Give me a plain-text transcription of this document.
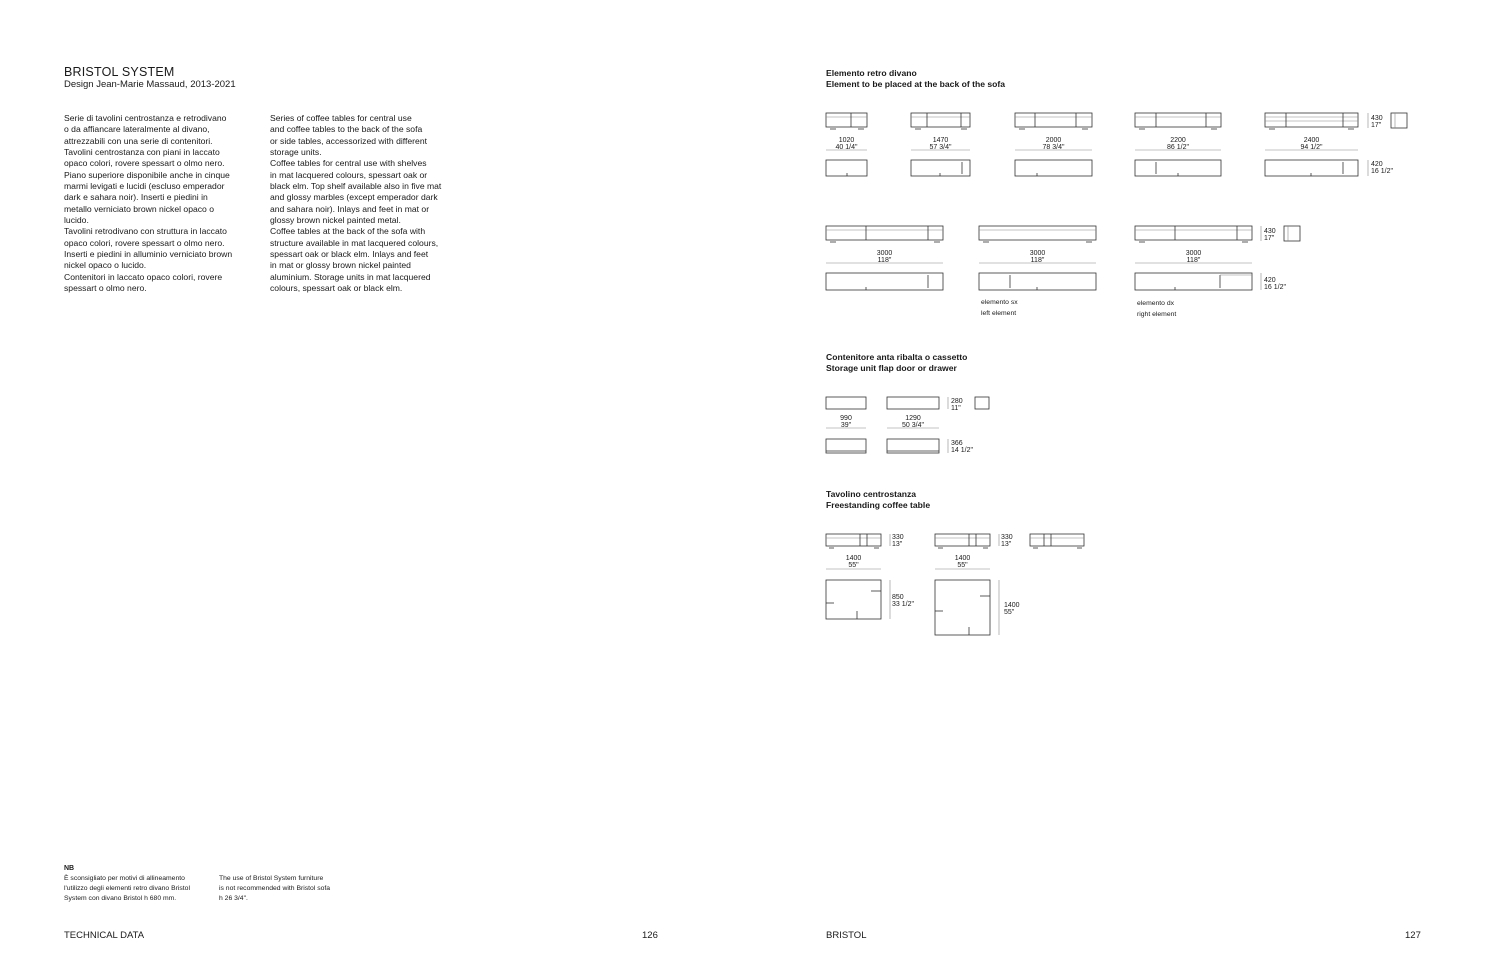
BRISTOL SYSTEM
Design Jean-Marie Massaud, 2013-2021
Serie di tavolini centrostanza e retrodivano
o da affiancare lateralmente al divano,
attrezzabili con una serie di contenitori.
Tavolini centrostanza con piani in laccato
opaco colori, rovere spessart o olmo nero.
Piano superiore disponibile anche in cinque
marmi levigati e lucidi (escluso emperador
dark e sahara noir). Inserti e piedini in
metallo verniciato brown nickel opaco o
lucido.
Tavolini retrodivano con struttura in laccato
opaco colori, rovere spessart o olmo nero.
Inserti e piedini in alluminio verniciato brown
nickel opaco o lucido.
Contenitori in laccato opaco colori, rovere
spessart o olmo nero.
Series of coffee tables for central use
and coffee tables to the back of the sofa
or side tables, accessorized with different
storage units.
Coffee tables for central use with shelves
in mat lacquered colours, spessart oak or
black elm. Top shelf available also in five mat
and glossy marbles (except emperador dark
and sahara noir). Inlays and feet in mat or
glossy brown nickel painted metal.
Coffee tables at the back of the sofa with
structure available in mat lacquered colours,
spessart oak or black elm. Inlays and feet
in mat or glossy brown nickel painted
aluminium. Storage units in mat lacquered
colours, spessart oak or black elm.
NB
È sconsigliato per motivi di allineamento
l'utilizzo degli elementi retro divano Bristol
System con divano Bristol h 680 mm.
The use of Bristol System furniture
is not recommended with Bristol sofa
h 26 3/4".
TECHNICAL DATA	126
Elemento retro divano
Element to be placed at the back of the sofa
1020
40 1/4"
1470
57 3/4"
2000
78 3/4"
2200
86 1/2"
2400
94 1/2"
430
17"
420
16 1/2"
3000
118"
3000
118"
3000
118"
430
17"
420
16 1/2"
elemento sx
left element
elemento dx
right element
Contenitore anta ribalta o cassetto
Storage unit flap door or drawer
990
39"
1290
50 3/4"
280
11"
366
14 1/2"
Tavolino centrostanza
Freestanding coffee table
1400
55"
1400
55"
330
13"
330
13"
850
33 1/2"	1400
55"
BRISTOL	127
